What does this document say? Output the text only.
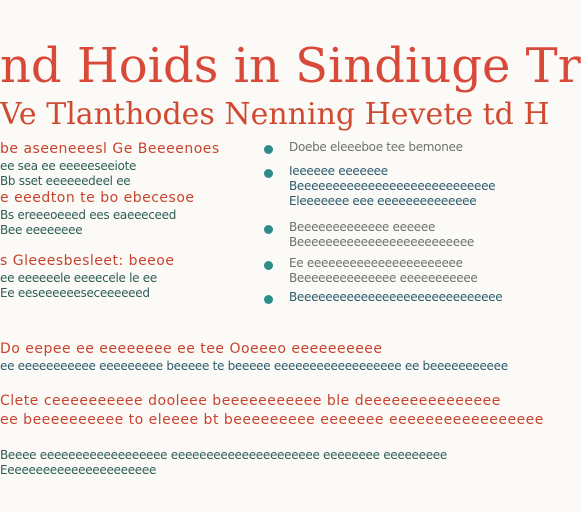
nd Hoids in Sindiuge Tr
Ve Tlanthodes Nenning Hevete td H
be aseeneeesl Ge Beeeenoes
ee sea ee eeeeeseeiote
Bb sset eeeeeedeel ee
e eeedton te bo ebecesoe
Bs ereeeoeeed ees eaeeeceed
Bee eeeeeeee
s Gleeesbesleet: beeoe
ee eeeeeele eeeecele le ee
Ee eeseeeeeeseceeeeeed
Doebe eleeeboe tee bemonee
Ieeeeee eeeeeee
Beeeeeeeeeeeeeeeeeeeeeeeeeeee
Eleeeeeee eee eeeeeeeeeeeeee
Beeeeeeeeeeeee eeeeee
Beeeeeeeeeeeeeeeeeeeeeeeee
Ee eeeeeeeeeeeeeeeeeeeeee
Beeeeeeeeeeeeee eeeeeeeeeee
Beeeeeeeeeeeeeeeeeeeeeeeeeeeee
Do eepee ee eeeeeeee ee tee Ooeeeo eeeeeeeeee
ee eeeeeeeeeee eeeeeeeee beeeee te beeeee eeeeeeeeeeeeeeeeee ee beeeeeeeeeee
Clete ceeeeeeeeee dooleee beeeeeeeeeee ble deeeeeeeeeeeeeee
ee beeeeeeeeee to eleeee bt beeeeeeeee eeeeeee eeeeeeeeeeeeeeeee
Beeee eeeeeeeeeeeeeeeeee eeeeeeeeeeeeeeeeeeeee eeeeeeee eeeeeeeee
Eeeeeeeeeeeeeeeeeeeeee
